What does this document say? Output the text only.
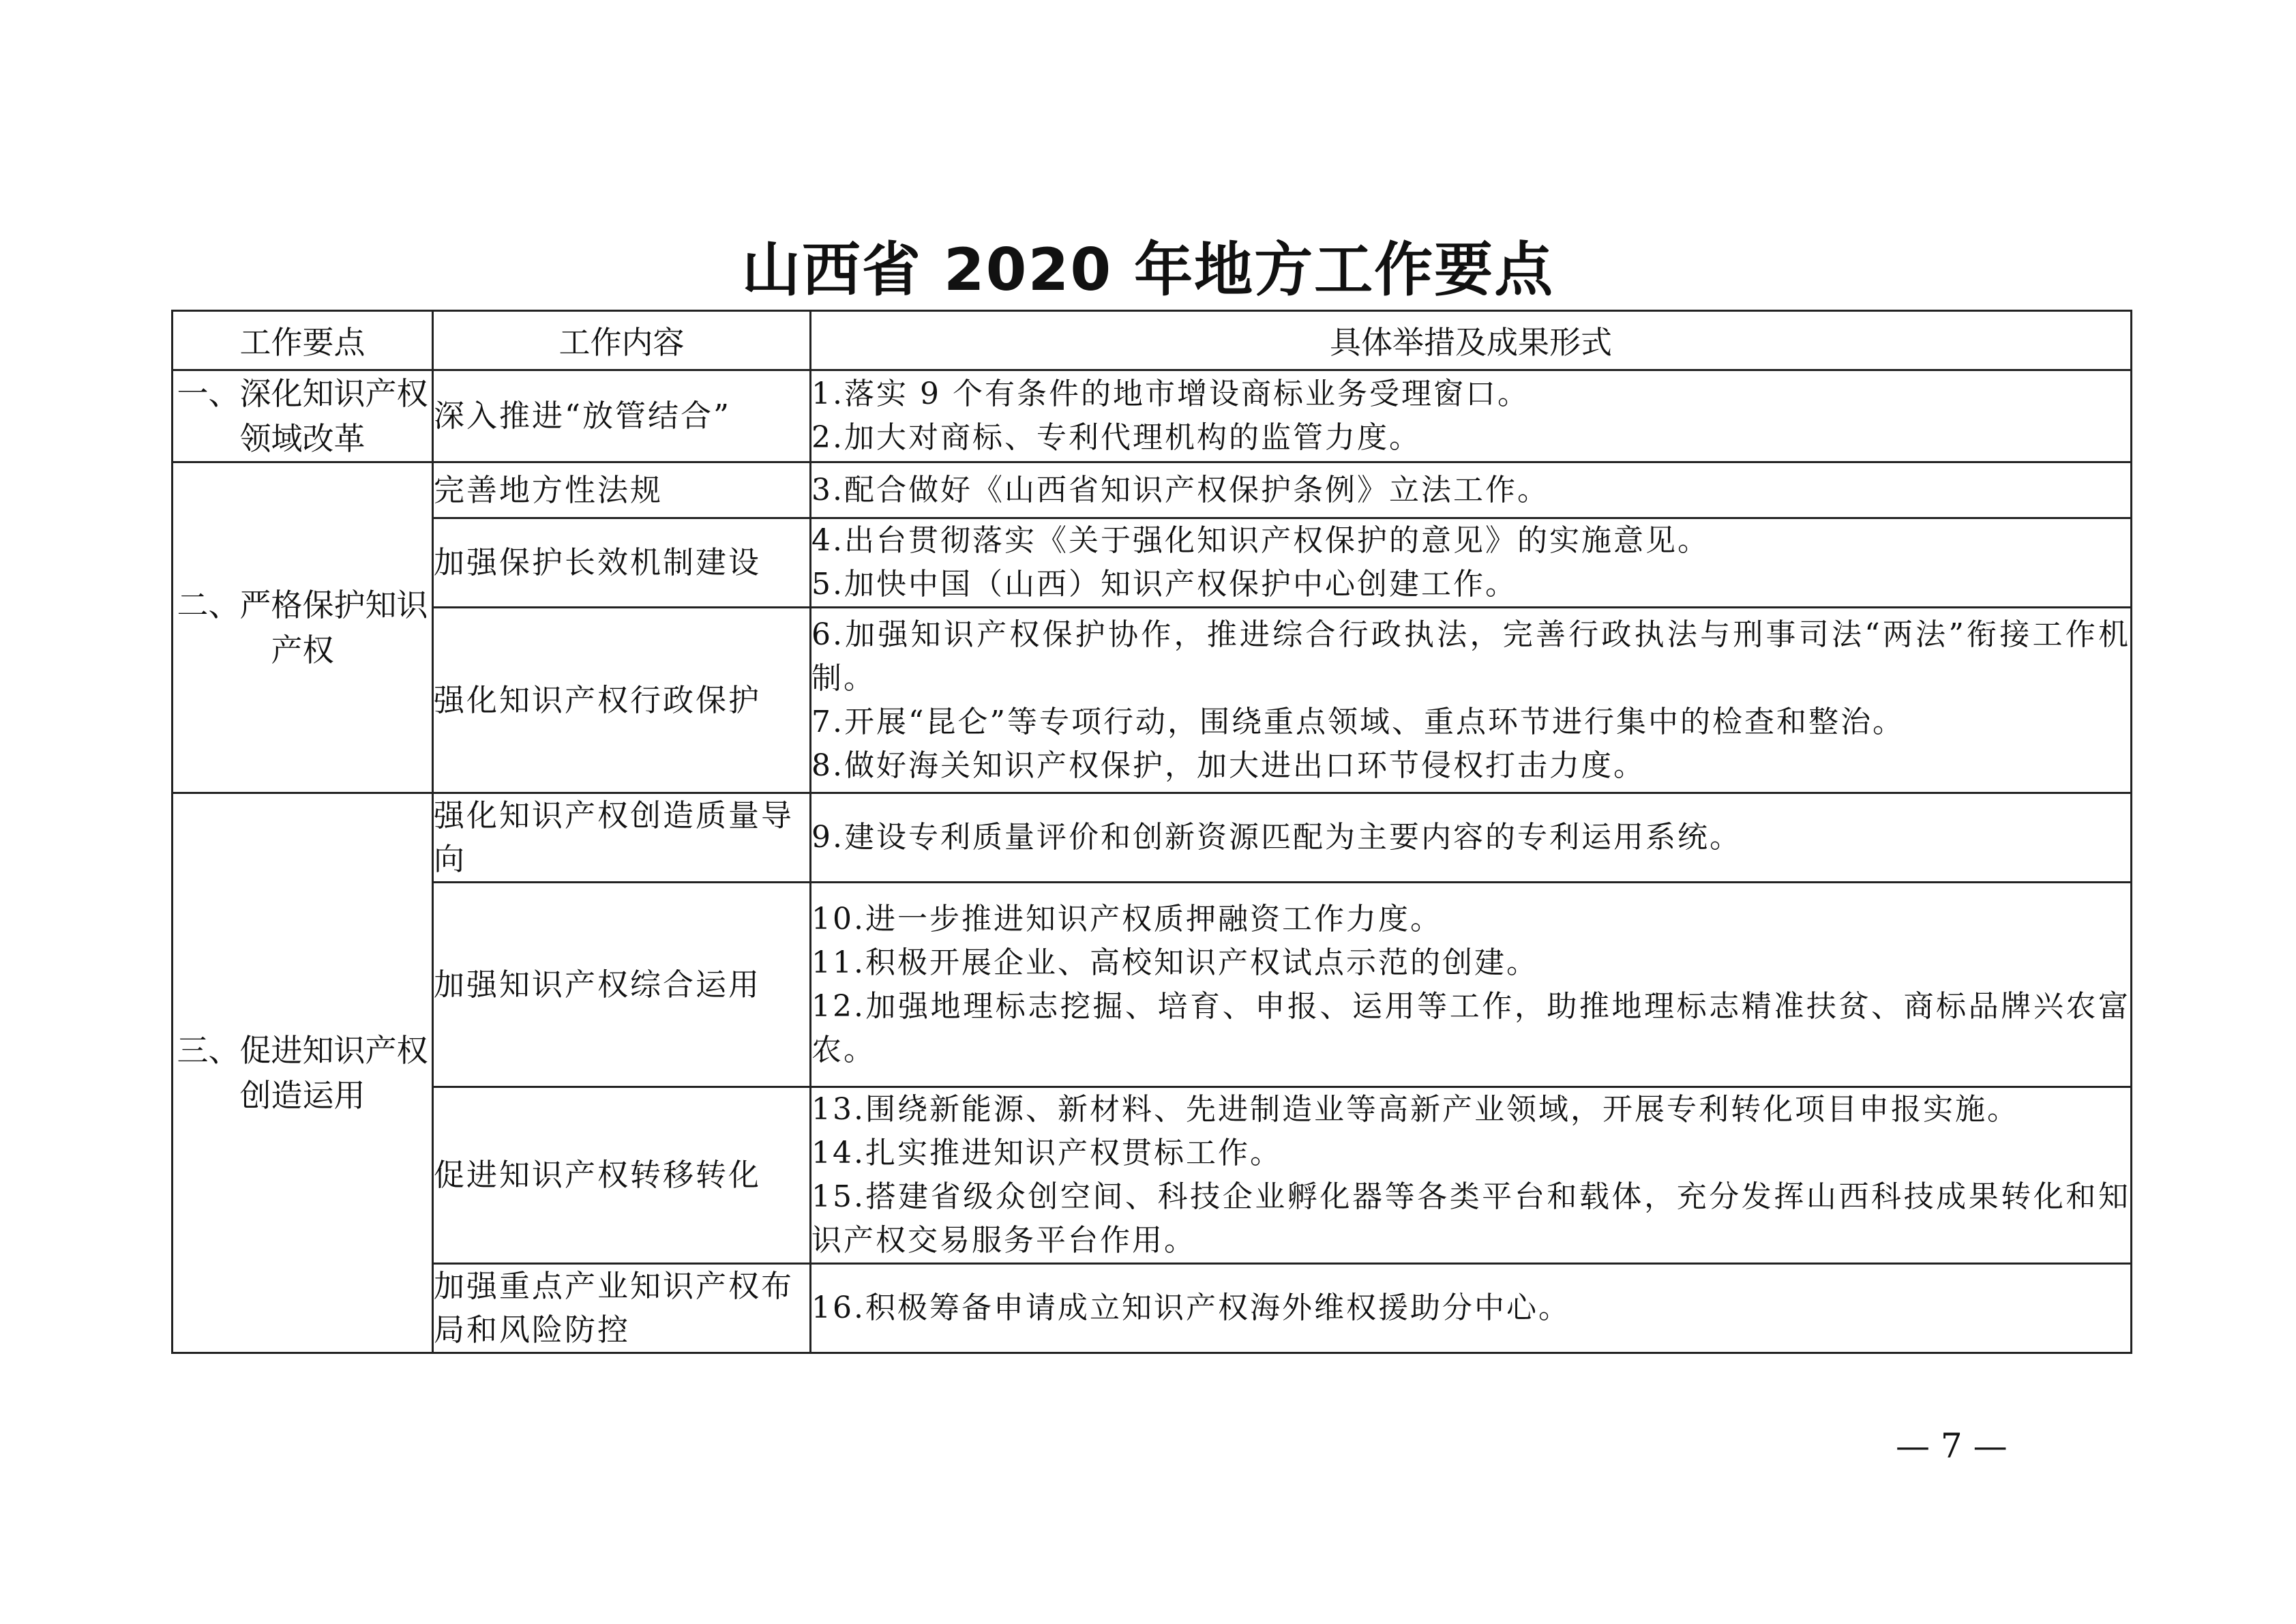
山西省 2020 年地方工作要点
工作要点	工作内容	具体举措及成果形式
一、深化知识产权领域改革	深入推进“放管结合”	1.落实 9 个有条件的地市增设商标业务受理窗口。
2.加大对商标、专利代理机构的监管力度。

二、严格保护知识产权	完善地方性法规	3.配合做好《山西省知识产权保护条例》立法工作。

	加强保护长效机制建设	4.出台贯彻落实《关于强化知识产权保护的意见》的实施意见。
5.加快中国（山西）知识产权保护中心创建工作。

	强化知识产权行政保护	6.加强知识产权保护协作，推进综合行政执法，完善行政执法与刑事司法“两法”衔接工作机制。
7.开展“昆仑”等专项行动，围绕重点领域、重点环节进行集中的检查和整治。
8.做好海关知识产权保护，加大进出口环节侵权打击力度。

三、促进知识产权创造运用	强化知识产权创造质量导向	9.建设专利质量评价和创新资源匹配为主要内容的专利运用系统。

	加强知识产权综合运用	10.进一步推进知识产权质押融资工作力度。
11.积极开展企业、高校知识产权试点示范的创建。
12.加强地理标志挖掘、培育、申报、运用等工作，助推地理标志精准扶贫、商标品牌兴农富农。

	促进知识产权转移转化	13.围绕新能源、新材料、先进制造业等高新产业领域，开展专利转化项目申报实施。
14.扎实推进知识产权贯标工作。
15.搭建省级众创空间、科技企业孵化器等各类平台和载体，充分发挥山西科技成果转化和知识产权交易服务平台作用。

	加强重点产业知识产权布局和风险防控	16.积极筹备申请成立知识产权海外维权援助分中心。
— 7 —
